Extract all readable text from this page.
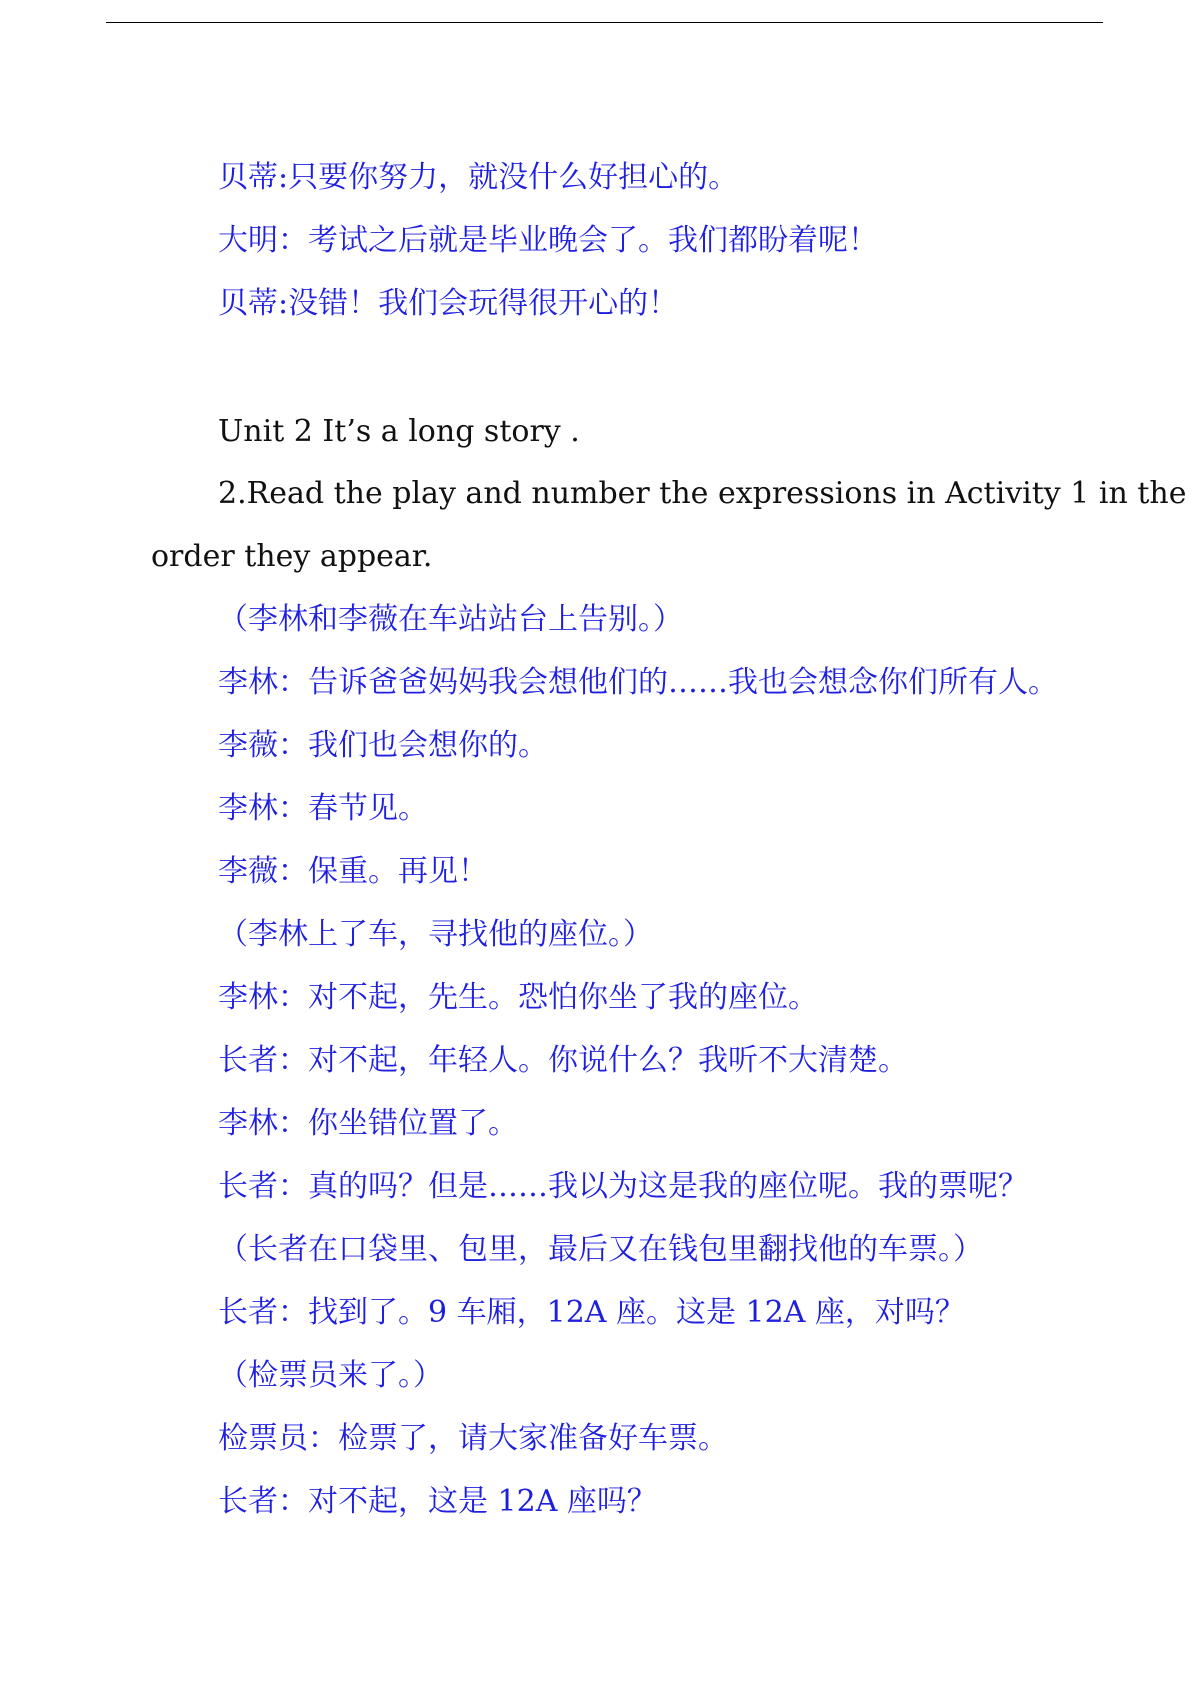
贝蒂:只要你努力，就没什么好担心的。
大明：考试之后就是毕业晚会了。我们都盼着呢！
贝蒂:没错！我们会玩得很开心的！
Unit 2 It’s a long story .
2.Read the play and number the expressions in Activity 1 in the
order they appear.
（李林和李薇在车站站台上告别。）
李林：告诉爸爸妈妈我会想他们的……我也会想念你们所有人。
李薇：我们也会想你的。
李林：春节见。
李薇：保重。再见！
（李林上了车，寻找他的座位。）
李林：对不起，先生。恐怕你坐了我的座位。
长者：对不起，年轻人。你说什么？我听不大清楚。
李林：你坐错位置了。
长者：真的吗？但是……我以为这是我的座位呢。我的票呢？
（长者在口袋里、包里，最后又在钱包里翻找他的车票。）
长者：找到了。9 车厢，12A 座。这是 12A 座，对吗？
（检票员来了。）
检票员：检票了，请大家准备好车票。
长者：对不起，这是 12A 座吗？
